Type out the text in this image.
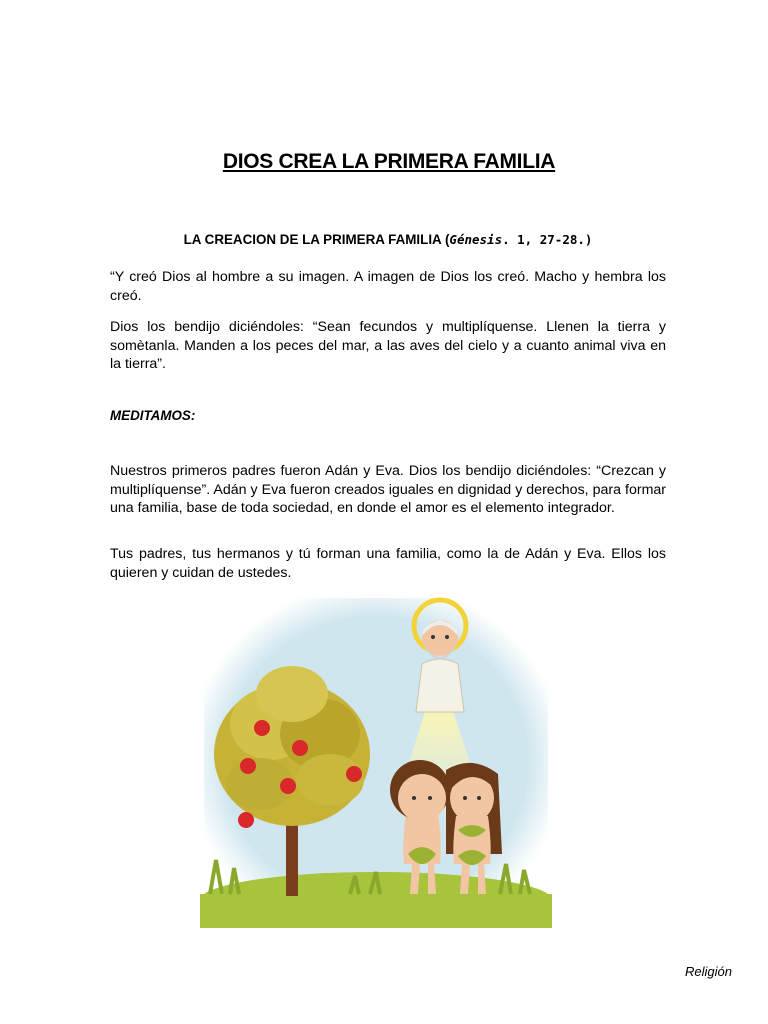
DIOS CREA LA PRIMERA FAMILIA
LA CREACION DE LA PRIMERA FAMILIA (Génesis. 1, 27-28.)

“Y creó Dios al hombre a su imagen. A imagen de Dios los creó. Macho y hembra los creó.

Dios los bendijo diciéndoles: “Sean fecundos y multiplíquense. Llenen la tierra y somètanla. Manden a los peces del mar, a las aves del cielo y a cuanto animal viva en la tierra”.

MEDITAMOS:

Nuestros primeros padres fueron Adán y Eva. Dios los bendijo diciéndoles: “Crezcan y multiplíquense”. Adán y Eva fueron creados iguales en dignidad y derechos, para formar una familia, base de toda sociedad, en donde el amor es el elemento integrador.

Tus padres, tus hermanos y tú forman una familia, como la de Adán y Eva. Ellos los quieren y cuidan de ustedes.

Religión
